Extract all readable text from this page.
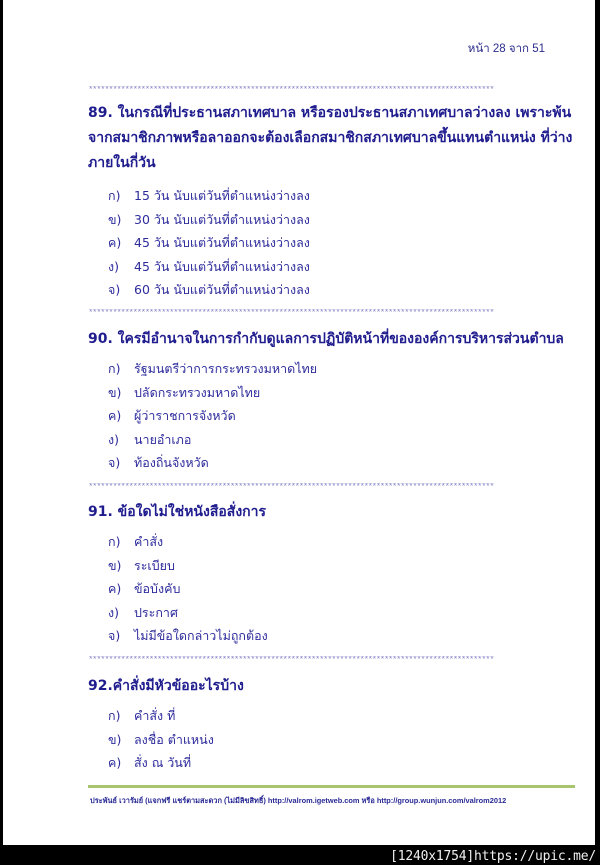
หน้า 28 จาก 51
****************************************************************************************************
89. ในกรณีที่ประธานสภาเทศบาล หรือรองประธานสภาเทศบาลว่างลง เพราะพ้นจากสมาชิกภาพหรือลาออกจะต้องเลือกสมาชิกสภาเทศบาลขึ้นแทนตำแหน่ง ที่ว่างภายในกี่วัน
ก) 15 วัน นับแต่วันที่ตำแหน่งว่างลง
ข) 30 วัน นับแต่วันที่ตำแหน่งว่างลง
ค) 45 วัน นับแต่วันที่ตำแหน่งว่างลง
ง) 45 วัน นับแต่วันที่ตำแหน่งว่างลง
จ) 60 วัน นับแต่วันที่ตำแหน่งว่างลง
****************************************************************************************************
90. ใครมีอำนาจในการกำกับดูแลการปฏิบัติหน้าที่ขององค์การบริหารส่วนตำบล
ก) รัฐมนตรีว่าการกระทรวงมหาดไทย
ข) ปลัดกระทรวงมหาดไทย
ค) ผู้ว่าราชการจังหวัด
ง) นายอำเภอ
จ) ท้องถิ่นจังหวัด
****************************************************************************************************
91. ข้อใดไม่ใช่หนังสือสั่งการ
ก) คำสั่ง
ข) ระเบียบ
ค) ข้อบังคับ
ง) ประกาศ
จ) ไม่มีข้อใดกล่าวไม่ถูกต้อง
****************************************************************************************************
92.คำสั่งมีหัวข้ออะไรบ้าง
ก) คำสั่ง ที่
ข) ลงชื่อ ตำแหน่ง
ค) สั่ง ณ วันที่
ประพันธ์ เวารัมย์ (แจกฟรี แชร์ตามสะดวก (ไม่มีลิขสิทธิ์) http://valrom.igetweb.com หรือ http://group.wunjun.com/valrom2012
[1240x1754]https://upic.me/
